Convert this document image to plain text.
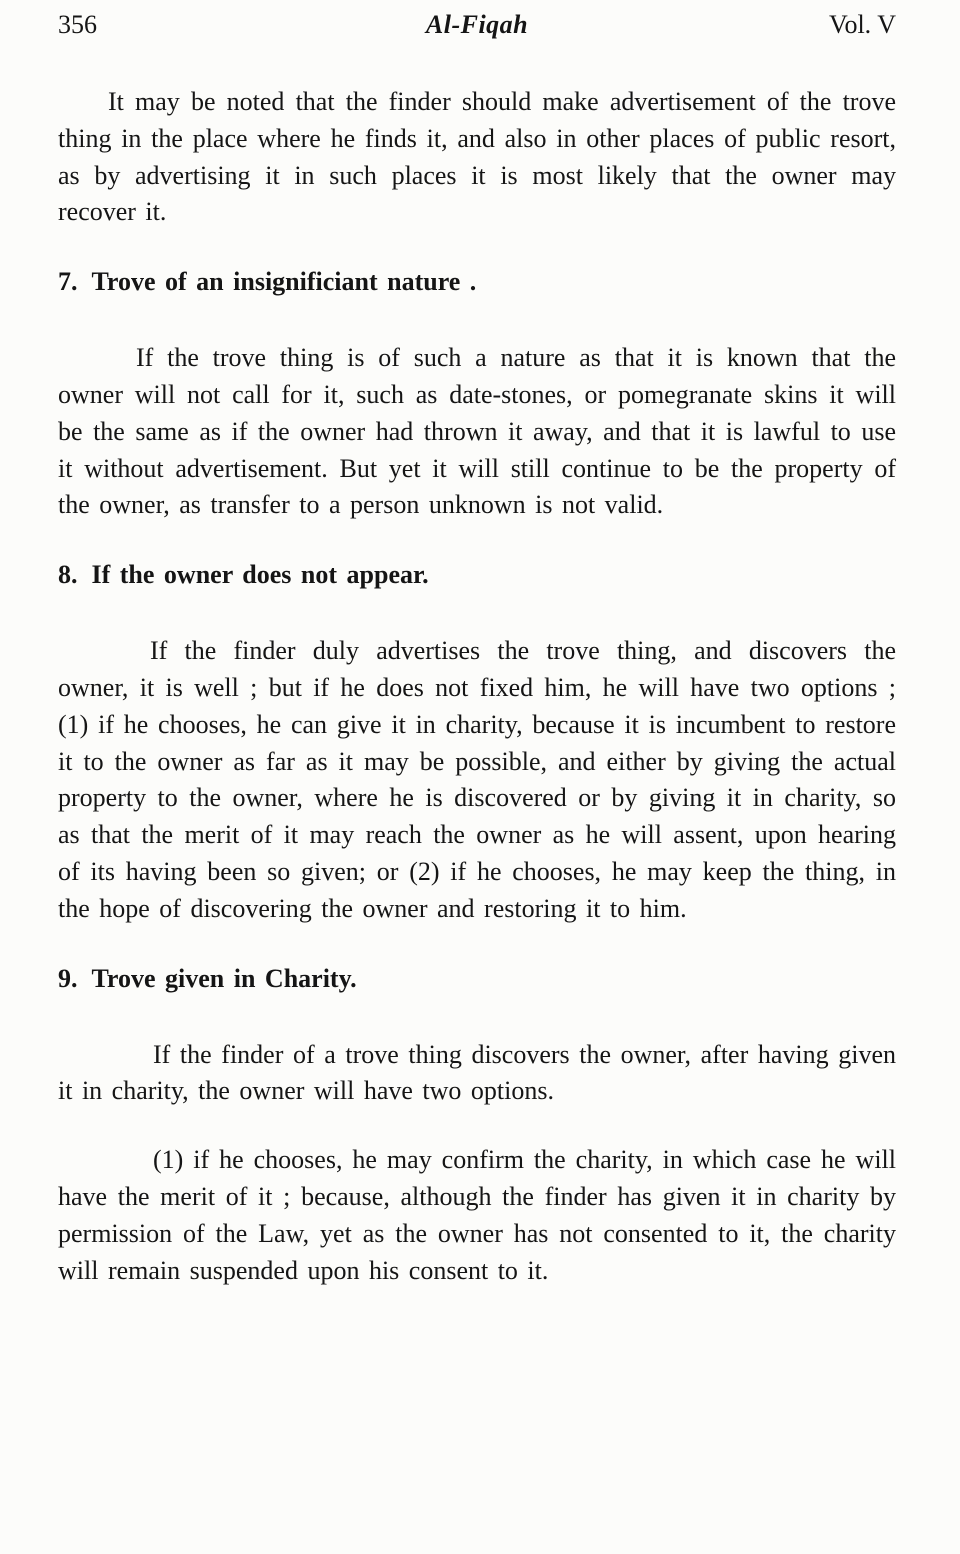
356	Al-Fiqah	Vol. V

It may be noted that the finder should make advertisement of the trove thing in the place where he finds it, and also in other places of public resort, as by advertising it in such places it is most likely that the owner may recover it.

7. Trove of an insignificiant nature .

If the trove thing is of such a nature as that it is known that the owner will not call for it, such as date-stones, or pomegranate skins it will be the same as if the owner had thrown it away, and that it is lawful to use it without advertisement. But yet it will still continue to be the property of the owner, as transfer to a person unknown is not valid.

8. If the owner does not appear.

If the finder duly advertises the trove thing, and discovers the owner, it is well ; but if he does not fixed him, he will have two options ; (1) if he chooses, he can give it in charity, because it is incumbent to restore it to the owner as far as it may be possible, and either by giving the actual property to the owner, where he is discovered or by giving it in charity, so as that the merit of it may reach the owner as he will assent, upon hearing of its having been so given; or (2) if he chooses, he may keep the thing, in the hope of discovering the owner and restoring it to him.

9. Trove given in Charity.

If the finder of a trove thing discovers the owner, after having given it in charity, the owner will have two options.

(1) if he chooses, he may confirm the charity, in which case he will have the merit of it ; because, although the finder has given it in charity by permission of the Law, yet as the owner has not consented to it, the charity will remain suspended upon his consent to it.
